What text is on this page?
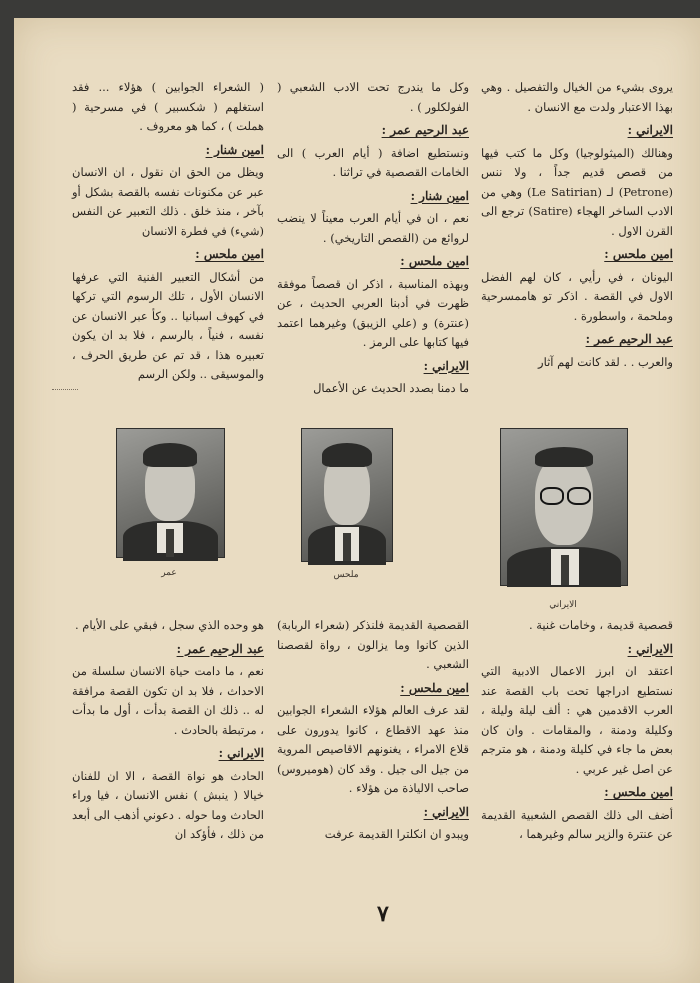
يروى بشيء من الخيال والتفصيل . وهي بهذا الاعتبار ولدت مع الانسان .

الايراني :

وهنالك (الميثولوجيا) وكل ما كتب فيها من قصص قديم جداً ، ولا ننس (Petrone) لـ (Le Satirian) وهي من الادب الساخر الهجاء (Satire) ترجع الى القرن الاول .

امين ملحس :

اليونان ، في رأيي ، كان لهم الفضل الاول في القصة . اذكر تو هاممسرحية وملحمة ، واسطورة .

عبد الرحيم عمر :

والعرب . . لقد كانت لهم آثار

وكل ما يندرج تحت الادب الشعبي ( الفولكلور ) .

عبد الرحيم عمر :

ونستطيع اضافة ( أيام العرب ) الى الخامات القصصية في تراثنا .

امين شنار :

نعم ، ان في أيام العرب معيناً لا ينضب لروائع من (القصص التاريخي) .

امين ملحس :

وبهذه المناسبة ، اذكر ان قصصاً موفقة ظهرت في أدبنا العربي الحديث ، عن (عنترة) و (علي الزيبق) وغيرهما اعتمد فيها كتابها على الرمز .

الايراني :

ما دمنا بصدد الحديث عن الأعمال

( الشعراء الجوابين ) هؤلاء ... فقد استغلهم ( شكسبير ) في مسرحية ( هملت ) ، كما هو معروف .

امين شنار :

ويظل من الحق ان نقول ، ان الانسان عبر عن مكنونات نفسه بالقصة بشكل أو بآخر ، منذ خلق . ذلك التعبير عن النفس (شيء) في فطرة الانسان

امين ملحس :

من أشكال التعبير الفنية التي عرفها الانسان الأول ، تلك الرسوم التي تركها في كهوف اسبانيا .. وكأ عبر الانسان عن نفسه ، فنياً ، بالرسم ، فلا بد ان يكون تعبيره هذا ، قد تم عن طريق الحرف ، والموسيقى .. ولكن الرسم

عمر	ملحس
الايراني

قصصية قديمة ، وخامات غنية .

الايراني :

اعتقد ان ابرز الاعمال الادبية التي نستطيع ادراجها تحت باب القصة عند العرب الاقدمين هي : ألف ليلة وليلة ، وكليلة ودمنة ، والمقامات . وان كان بعض ما جاء في كليلة ودمنة ، هو مترجم عن اصل غير عربي .

امين ملحس :

أضف الى ذلك القصص الشعبية القديمة عن عنترة والزير سالم وغيرهما ،

القصصية القديمة فلنذكر (شعراء الربابة) الذين كانوا وما يزالون ، رواة لقصصنا الشعبي .

امين ملحس :

لقد عرف العالم هؤلاء الشعراء الجوابين منذ عهد الاقطاع ، كانوا يدورون على قلاع الامراء ، يغنونهم الاقاصيص المروية من جيل الى جيل . وقد كان (هوميروس) صاحب الالياذة من هؤلاء .

الايراني :

ويبدو ان انكلترا القديمة عرفت

هو وحده الذي سجل ، فبقي على الأيام .

عبد الرحيم عمر :

نعم ، ما دامت حياة الانسان سلسلة من الاحداث ، فلا بد ان تكون القصة مرافقة له .. ذلك ان القصة بدأت ، أول ما بدأت ، مرتبطة بالحادث .

الايراني :

الحادث هو نواة القصة ، الا ان للفنان خيالا ( ينبش ) نفس الانسان ، فيا وراء الحادث وما حوله . دعوني أذهب الى أبعد من ذلك ، فأؤكد ان

٧
